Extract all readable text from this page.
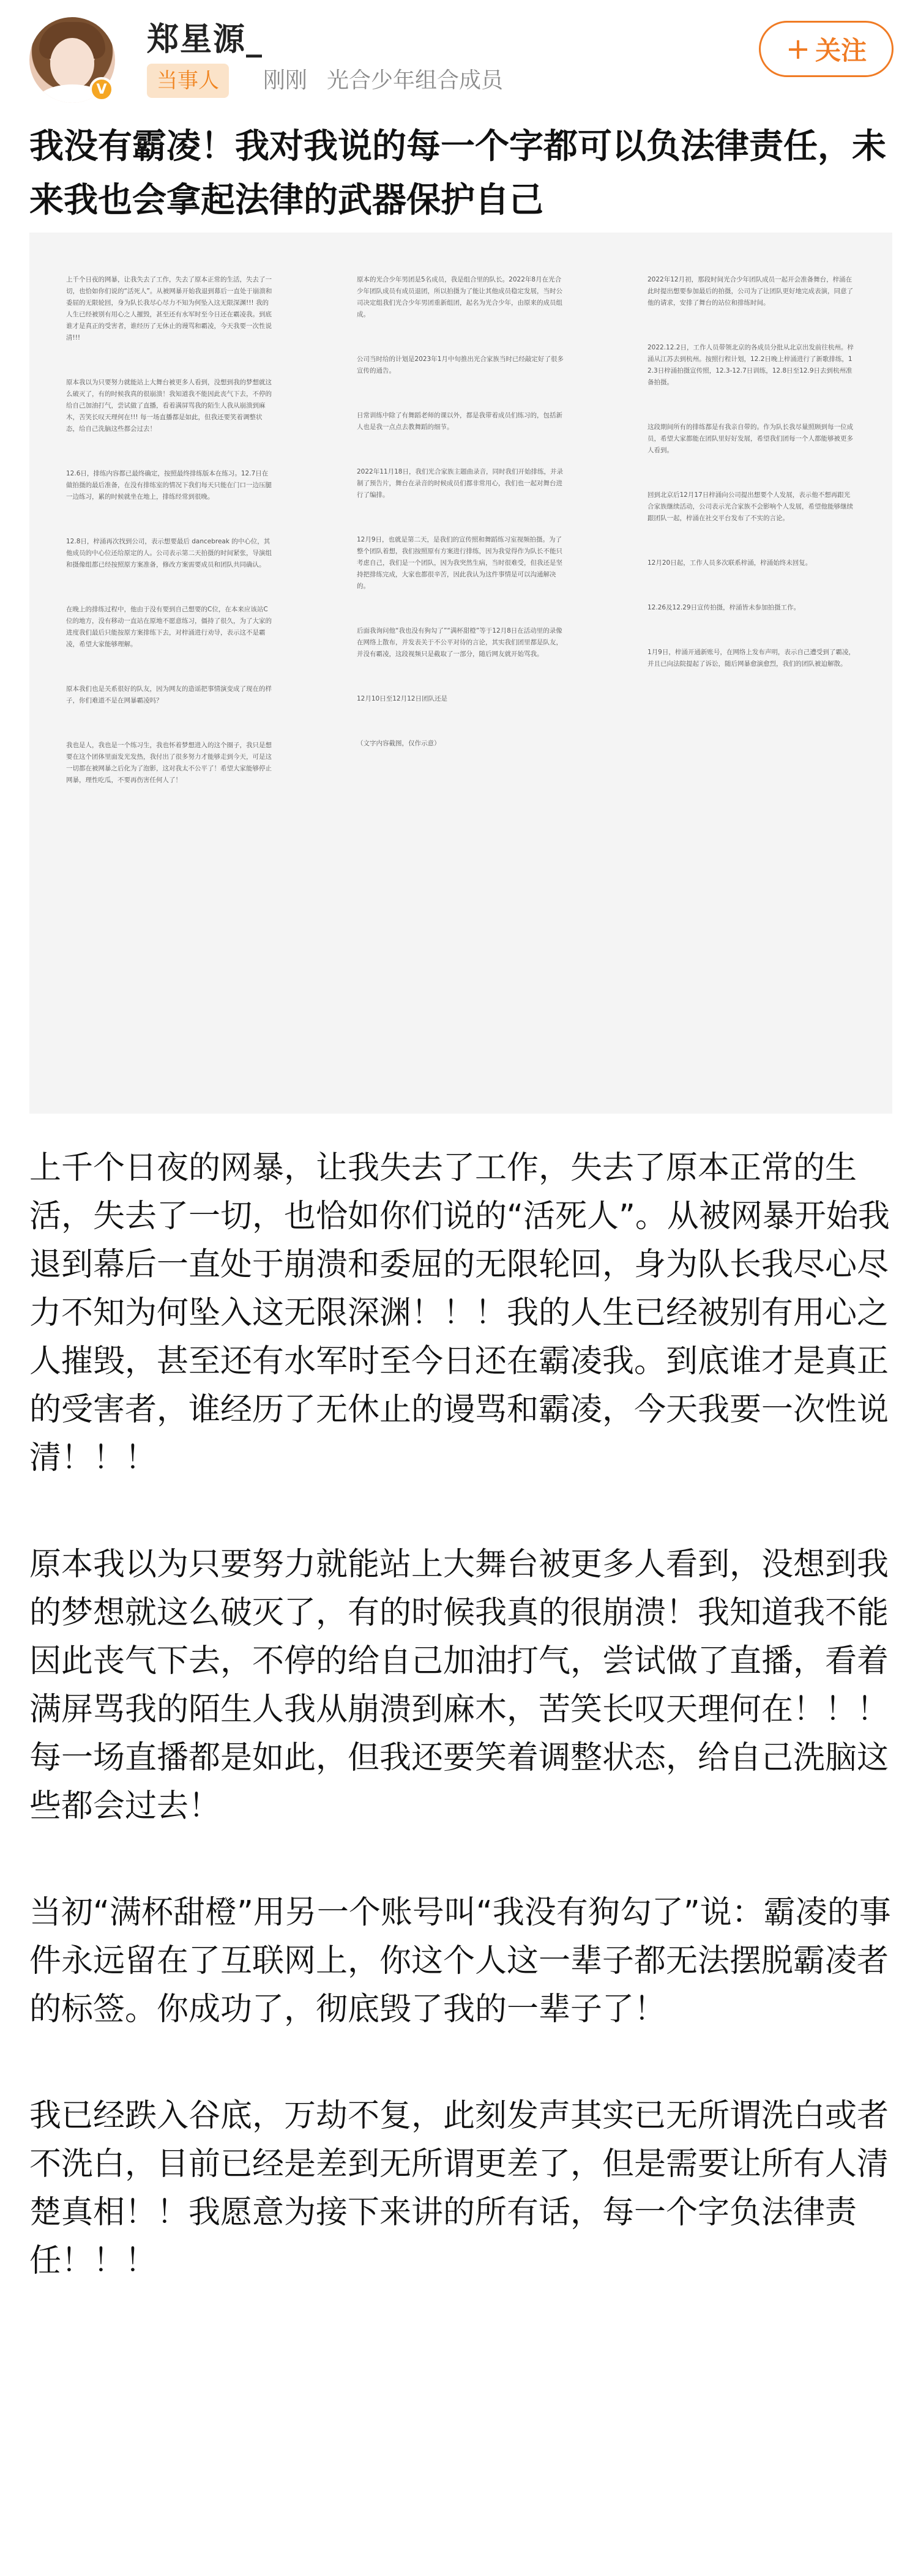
V
郑星源_
当事人	刚刚 光合少年组合成员
+ 关注
我没有霸凌！我对我说的每一个字都可以负法律责任，未来我也会拿起法律的武器保护自己

上千个日夜的网暴，让我失去了工作，失去了原本正常的生活，失去了一切，也恰如你们说的“活死人”。从被网暴开始我退到幕后一直处于崩溃和委屈的无限轮回，身为队长我尽心尽力不知为何坠入这无限深渊!!! 我的人生已经被别有用心之人摧毁，甚至还有水军时至今日还在霸凌我。到底谁才是真正的受害者，谁经历了无休止的谩骂和霸凌，今天我要一次性说清!!!

原本我以为只要努力就能站上大舞台被更多人看到，没想到我的梦想就这么破灭了，有的时候我真的很崩溃！我知道我不能因此丧气下去，不停的给自己加油打气，尝试做了直播，看着满屏骂我的陌生人我从崩溃到麻木，苦笑长叹天理何在!!! 每一场直播都是如此，但我还要笑着调整状态，给自己洗脑这些都会过去！

12.6日，排练内容都已最终确定，按照最终排练版本在练习。12.7日在做拍摄的最后准备，在没有排练室的情况下我们每天只能在门口一边压腿一边练习，累的时候就坐在地上，排练经常到很晚。

12.8日，梓涌再次找到公司，表示想要最后 dancebreak 的中心位，其他成员的中心位还给原定的人。公司表示第二天拍摄的时间紧张，导演组和摄像组都已经按照原方案准备，修改方案需要成员和团队共同确认。

在晚上的排练过程中，他由于没有要到自己想要的C位，在本来应该站C位的地方，没有移动一直站在原地不愿意练习，僵持了很久，为了大家的进度我们最后只能按原方案排练下去，对梓涌进行劝导，表示这不是霸凌，希望大家能够理解。

原本我们也是关系很好的队友，因为网友的造谣把事情演变成了现在的样子，你们难道不是在网暴霸凌吗？

我也是人，我也是一个练习生，我也怀着梦想进入的这个圈子，我只是想要在这个团体里面发光发热，我付出了很多努力才能够走到今天，可是这一切都在被网暴之后化为了泡影，这对我太不公平了！希望大家能够停止网暴，理性吃瓜，不要再伤害任何人了！

原本的光合少年男团是5名成员，我是组合里的队长。2022年8月在光合少年团队成员有成员退团，所以拍摄为了能让其他成员稳定发展，当时公司决定组我们光合少年男团重新组团，起名为光合少年，由原来的成员组成。

公司当时给的计划是2023年1月中旬推出光合家族当时已经敲定好了很多宣传的通告。

日常训练中除了有舞蹈老师的课以外，都是我带着成员们练习的，包括新人也是我一点点去教舞蹈的细节。

2022年11月18日，我们光合家族主题曲录音，同时我们开始排练，并录制了预告片，舞台在录音的时候成员们都非常用心，我们也一起对舞台进行了编排。

12月9日，也就是第二天，是我们的宣传照和舞蹈练习室视频拍摄。为了整个团队着想，我们按照原有方案进行排练，因为我觉得作为队长不能只考虑自己，我们是一个团队，因为我突然生病，当时很难受，但我还是坚持把排练完成，大家也都很辛苦，因此我认为这件事情是可以沟通解决的。

后面我询问他“我也没有狗勾了”“满杯甜橙”等于12月8日在活动里的录像在网络上散布，并发表关于不公平对待的言论，其实我们团里都是队友，并没有霸凌，这段视频只是截取了一部分，随后网友就开始骂我。

12月10日至12月12日团队还是

（文字内容截图，仅作示意）

2022年12月初，那段时间光合少年团队成员一起开会准备舞台，梓涌在此时提出想要参加最后的拍摄，公司为了让团队更好地完成表演，同意了他的请求，安排了舞台的站位和排练时间。

2022.12.2日，工作人员带领北京的各成员分批从北京出发前往杭州。梓涌从江苏去到杭州。按照行程计划，12.2日晚上梓涌进行了新歌排练，12.3日梓涌拍摄宣传照，12.3-12.7日训练，12.8日至12.9日去到杭州准备拍摄。

这段期间所有的排练都是有我亲自带的。作为队长我尽量照顾到每一位成员，希望大家都能在团队里好好发展，希望我们团每一个人都能够被更多人看到。

回到北京后12月17日梓涌向公司提出想要个人发展，表示他不想再跟光合家族继续活动，公司表示光合家族不会影响个人发展，希望他能够继续跟团队一起，梓涌在社交平台发布了不实的言论。

12月20日起，工作人员多次联系梓涌，梓涌始终未回复。

12.26及12.29日宣传拍摄，梓涌皆未参加拍摄工作。

1月9日，梓涌开通新账号，在网络上发布声明，表示自己遭受到了霸凌，并且已向法院提起了诉讼，随后网暴愈演愈烈，我们的团队被迫解散。

上千个日夜的网暴，让我失去了工作，失去了原本正常的生活，失去了一切，也恰如你们说的“活死人”。从被网暴开始我退到幕后一直处于崩溃和委屈的无限轮回，身为队长我尽心尽力不知为何坠入这无限深渊！！！我的人生已经被别有用心之人摧毁，甚至还有水军时至今日还在霸凌我。到底谁才是真正的受害者，谁经历了无休止的谩骂和霸凌，今天我要一次性说清！！！

原本我以为只要努力就能站上大舞台被更多人看到，没想到我的梦想就这么破灭了，有的时候我真的很崩溃！我知道我不能因此丧气下去，不停的给自己加油打气，尝试做了直播，看着满屏骂我的陌生人我从崩溃到麻木，苦笑长叹天理何在！！！每一场直播都是如此，但我还要笑着调整状态，给自己洗脑这些都会过去！

当初“满杯甜橙”用另一个账号叫“我没有狗勾了”说：霸凌的事件永远留在了互联网上，你这个人这一辈子都无法摆脱霸凌者的标签。你成功了，彻底毁了我的一辈子了！

我已经跌入谷底，万劫不复，此刻发声其实已无所谓洗白或者不洗白，目前已经是差到无所谓更差了，但是需要让所有人清楚真相！！我愿意为接下来讲的所有话，每一个字负法律责任！！！
